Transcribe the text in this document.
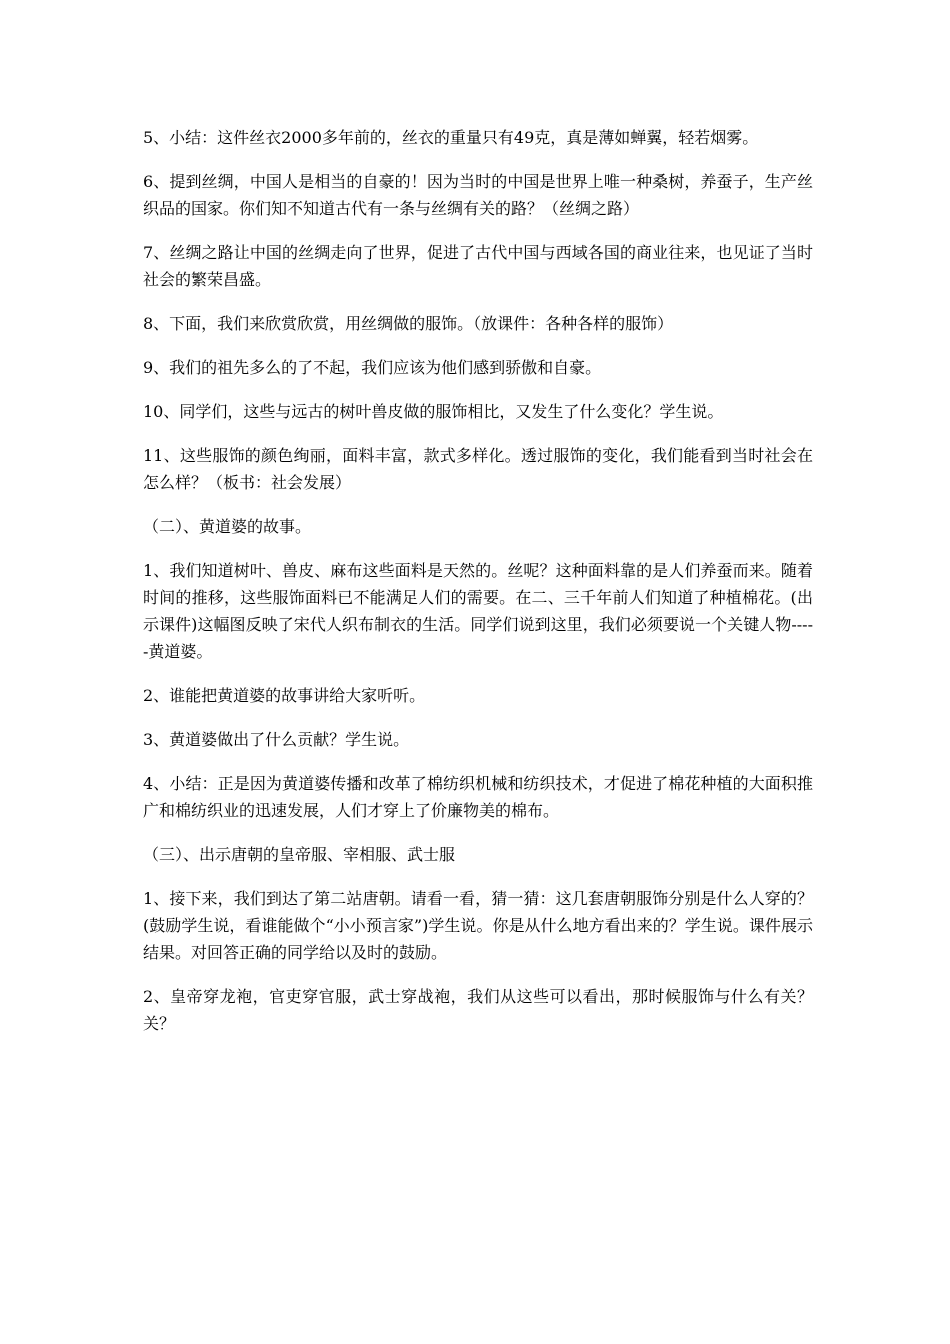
5、小结：这件丝衣2000多年前的，丝衣的重量只有49克，真是薄如蝉翼，轻若烟雾。

6、提到丝绸，中国人是相当的自豪的！因为当时的中国是世界上唯一种桑树，养蚕子，生产丝织品的国家。你们知不知道古代有一条与丝绸有关的路？（丝绸之路）

7、丝绸之路让中国的丝绸走向了世界，促进了古代中国与西域各国的商业往来，也见证了当时社会的繁荣昌盛。

8、下面，我们来欣赏欣赏，用丝绸做的服饰。（放课件：各种各样的服饰）

9、我们的祖先多么的了不起，我们应该为他们感到骄傲和自豪。

10、同学们，这些与远古的树叶兽皮做的服饰相比，又发生了什么变化？学生说。

11、这些服饰的颜色绚丽，面料丰富，款式多样化。透过服饰的变化，我们能看到当时社会在怎么样？（板书：社会发展）

（二）、黄道婆的故事。

1、我们知道树叶、兽皮、麻布这些面料是天然的。丝呢？这种面料靠的是人们养蚕而来。随着时间的推移，这些服饰面料已不能满足人们的需要。在二、三千年前人们知道了种植棉花。(出示课件)这幅图反映了宋代人织布制衣的生活。同学们说到这里，我们必须要说一个关键人物-----黄道婆。

2、谁能把黄道婆的故事讲给大家听听。

3、黄道婆做出了什么贡献？学生说。

4、小结：正是因为黄道婆传播和改革了棉纺织机械和纺织技术，才促进了棉花种植的大面积推广和棉纺织业的迅速发展，人们才穿上了价廉物美的棉布。

（三）、出示唐朝的皇帝服、宰相服、武士服

1、接下来，我们到达了第二站唐朝。请看一看，猜一猜：这几套唐朝服饰分别是什么人穿的？(鼓励学生说，看谁能做个“小小预言家”)学生说。你是从什么地方看出来的？学生说。课件展示结果。对回答正确的同学给以及时的鼓励。

2、皇帝穿龙袍，官吏穿官服，武士穿战袍，我们从这些可以看出，那时候服饰与什么有关？关？
